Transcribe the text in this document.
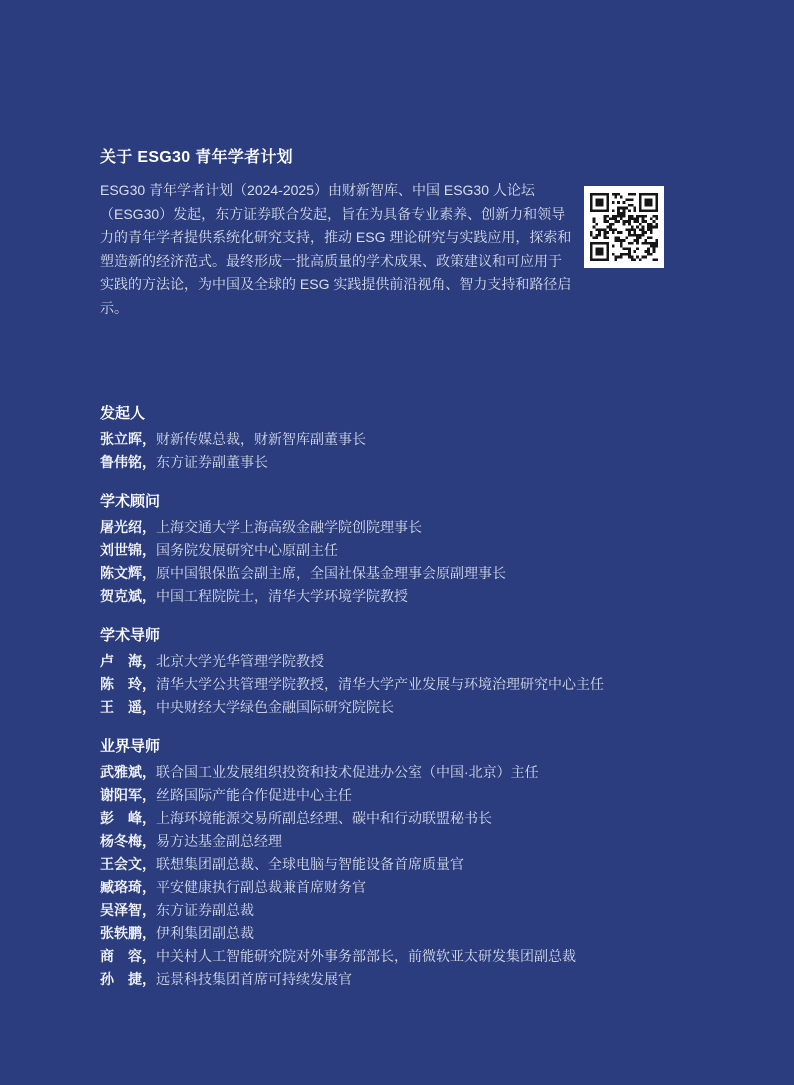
关于 ESG30 青年学者计划

ESG30 青年学者计划（2024-2025）由财新智库、中国 ESG30 人论坛（ESG30）发起，东方证券联合发起，旨在为具备专业素养、创新力和领导力的青年学者提供系统化研究支持，推动 ESG 理论研究与实践应用，探索和塑造新的经济范式。最终形成一批高质量的学术成果、政策建议和可应用于实践的方法论，为中国及全球的 ESG 实践提供前沿视角、智力支持和路径启示。

发起人
张立晖，财新传媒总裁，财新智库副董事长
鲁伟铭，东方证券副董事长
学术顾问
屠光绍，上海交通大学上海高级金融学院创院理事长
刘世锦，国务院发展研究中心原副主任
陈文辉，原中国银保监会副主席，全国社保基金理事会原副理事长
贺克斌，中国工程院院士，清华大学环境学院教授
学术导师
卢　海，北京大学光华管理学院教授
陈　玲，清华大学公共管理学院教授，清华大学产业发展与环境治理研究中心主任
王　遥，中央财经大学绿色金融国际研究院院长
业界导师
武雅斌，联合国工业发展组织投资和技术促进办公室（中国·北京）主任
谢阳军，丝路国际产能合作促进中心主任
彭　峰，上海环境能源交易所副总经理、碳中和行动联盟秘书长
杨冬梅，易方达基金副总经理
王会文，联想集团副总裁、全球电脑与智能设备首席质量官
臧珞琦，平安健康执行副总裁兼首席财务官
吴泽智，东方证券副总裁
张轶鹏，伊利集团副总裁
商　容，中关村人工智能研究院对外事务部部长，前微软亚太研发集团副总裁
孙　捷，远景科技集团首席可持续发展官
